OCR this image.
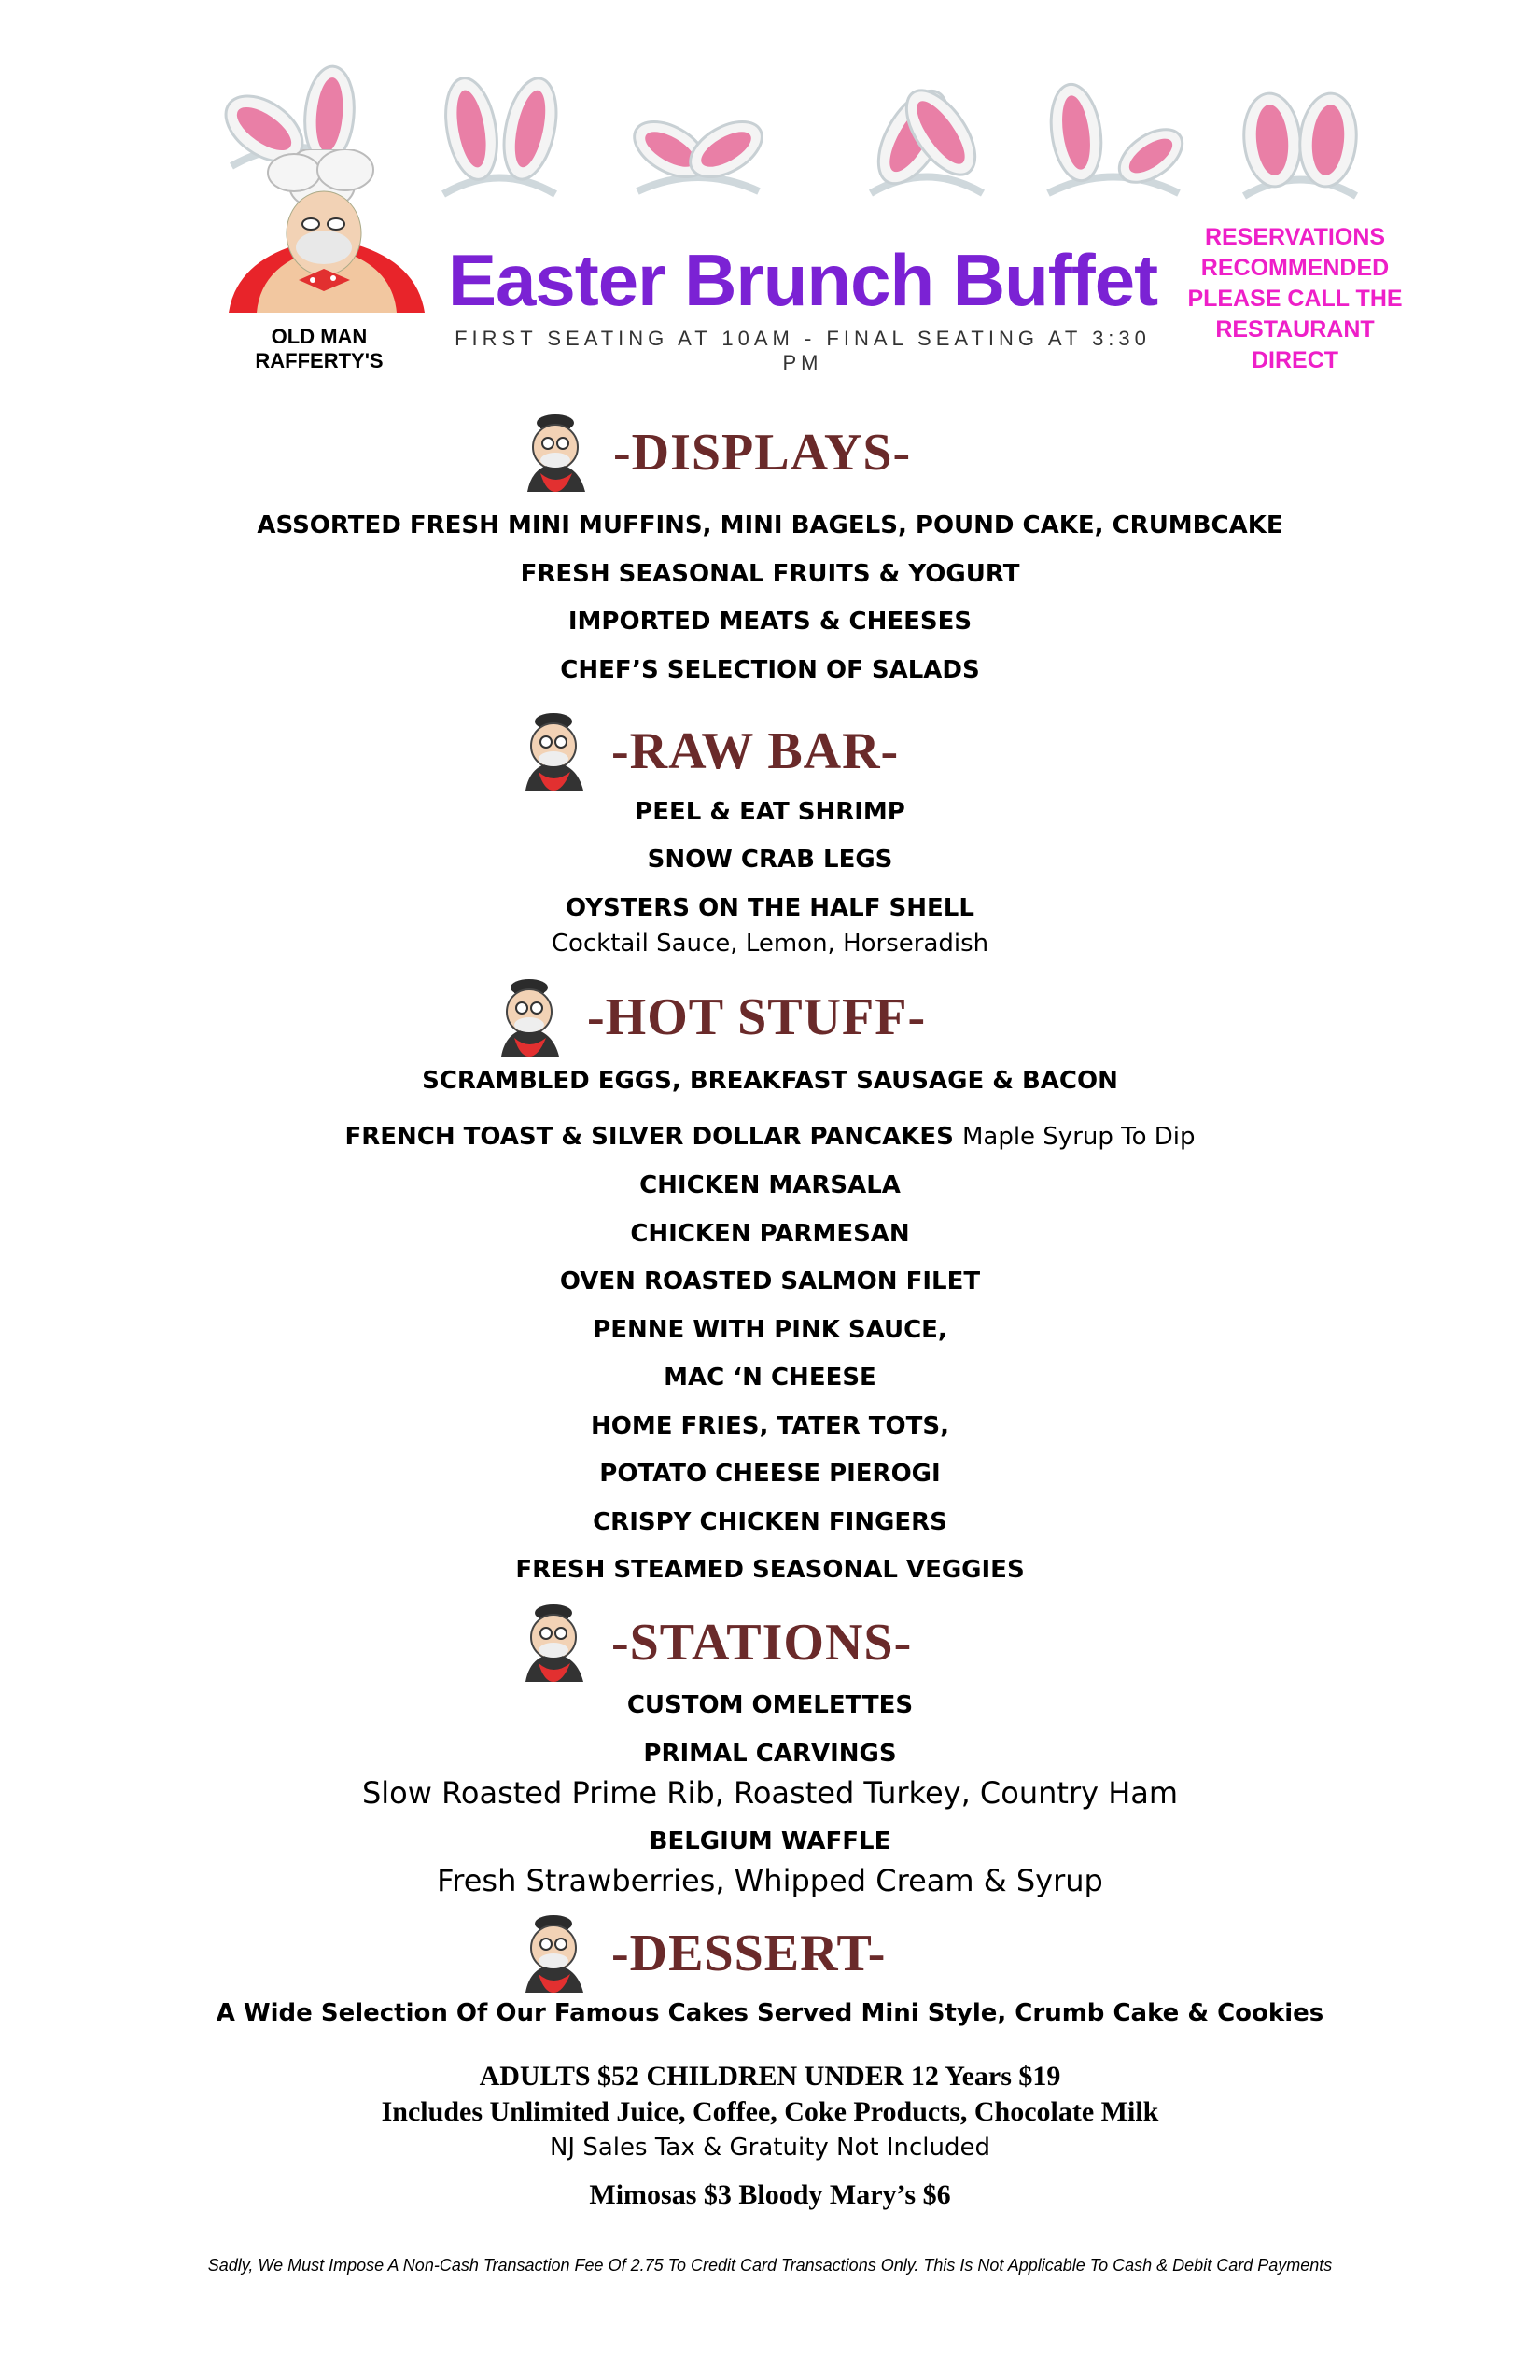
OLD MAN RAFFERTY'S
Easter Brunch Buffet
FIRST SEATING AT 10AM - FINAL SEATING AT 3:30 PM
RESERVATIONS
RECOMMENDED
PLEASE CALL THE
RESTAURANT DIRECT
-DISPLAYS-
ASSORTED FRESH MINI MUFFINS, MINI BAGELS, POUND CAKE, CRUMBCAKE
FRESH SEASONAL FRUITS & YOGURT
IMPORTED MEATS & CHEESES
CHEF’S SELECTION OF SALADS
-RAW BAR-
PEEL & EAT SHRIMP
SNOW CRAB LEGS
OYSTERS ON THE HALF SHELL
Cocktail Sauce, Lemon, Horseradish
-HOT STUFF-
SCRAMBLED EGGS, BREAKFAST SAUSAGE & BACON
FRENCH TOAST & SILVER DOLLAR PANCAKES Maple Syrup To Dip
CHICKEN MARSALA
CHICKEN PARMESAN
OVEN ROASTED SALMON FILET
PENNE WITH PINK SAUCE,
MAC ‘N CHEESE
HOME FRIES, TATER TOTS,
POTATO CHEESE PIEROGI
CRISPY CHICKEN FINGERS
FRESH STEAMED SEASONAL VEGGIES
-STATIONS-
CUSTOM OMELETTES
PRIMAL CARVINGS
Slow Roasted Prime Rib, Roasted Turkey, Country Ham
BELGIUM WAFFLE
Fresh Strawberries, Whipped Cream & Syrup
-DESSERT-
A Wide Selection Of Our Famous Cakes Served Mini Style, Crumb Cake & Cookies
ADULTS $52 CHILDREN UNDER 12 Years $19
Includes Unlimited Juice, Coffee, Coke Products, Chocolate Milk
NJ Sales Tax & Gratuity Not Included
Mimosas $3 Bloody Mary’s $6
Sadly, We Must Impose A Non-Cash Transaction Fee Of 2.75 To Credit Card Transactions Only. This Is Not Applicable To Cash & Debit Card Payments
